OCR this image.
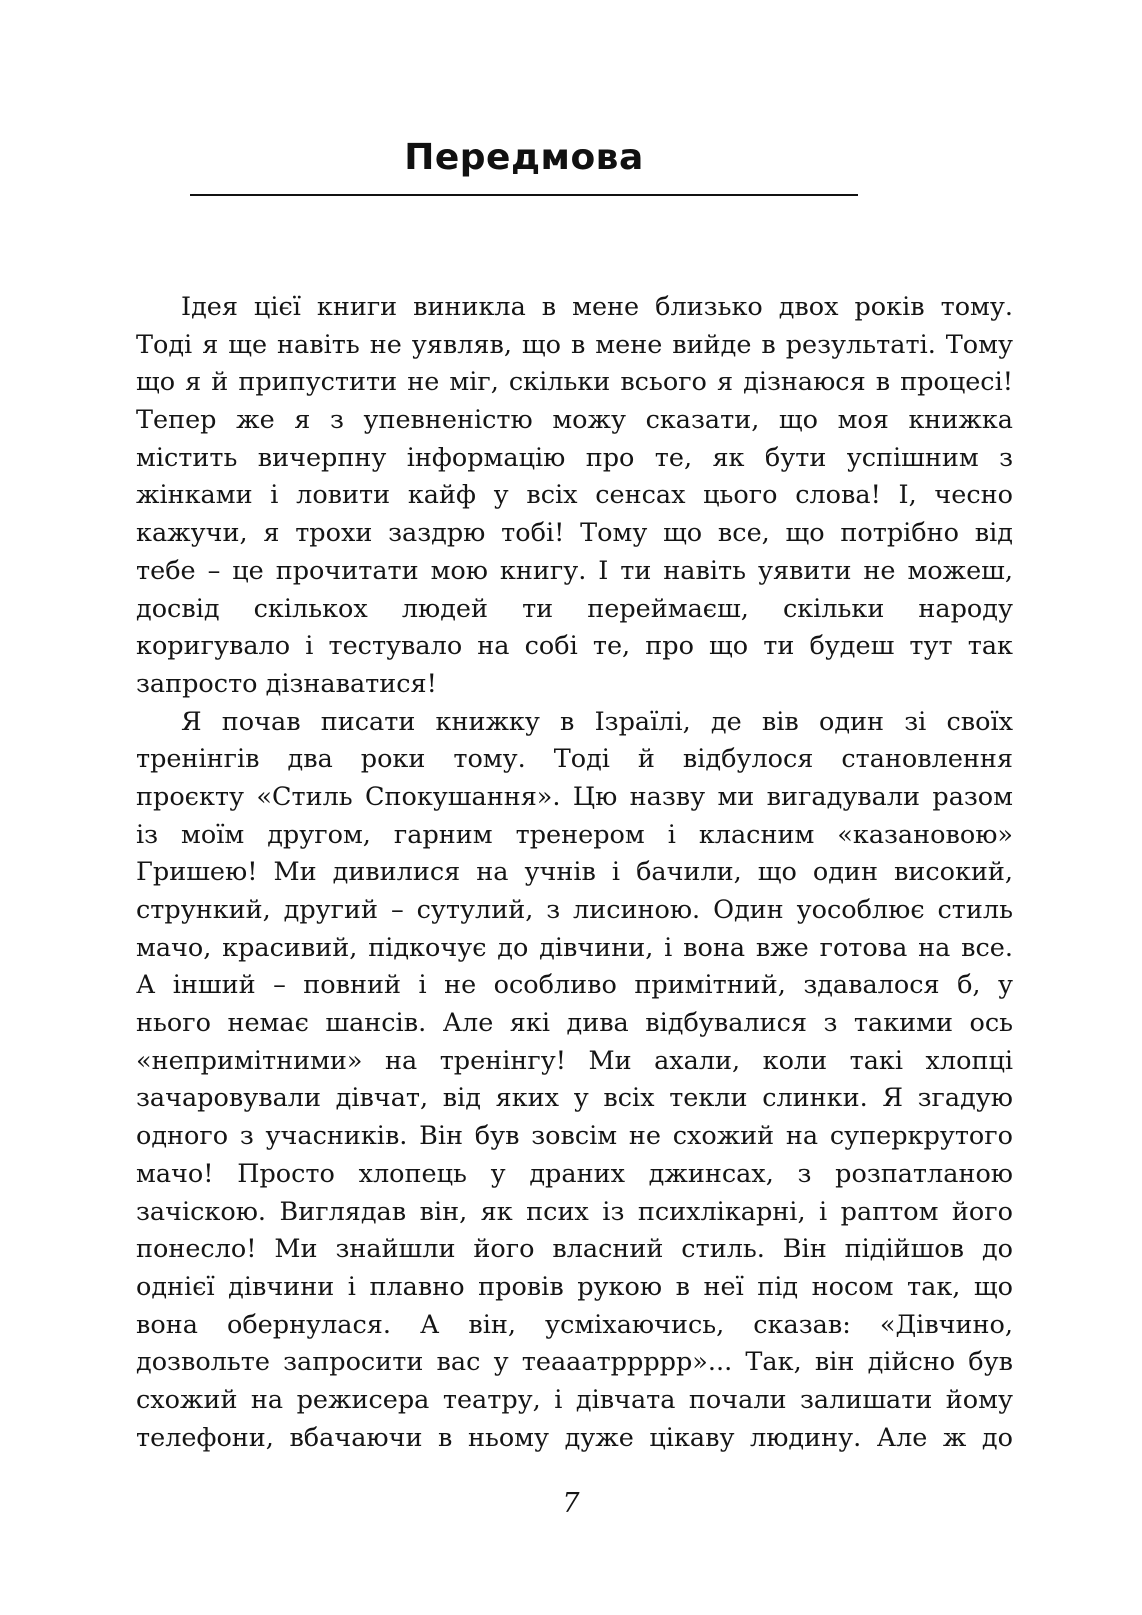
Передмова

Ідея цієї книги виникла в мене близько двох років тому.
Тоді я ще навіть не уявляв, що в мене вийде в результаті. Тому
що я й припустити не міг, скільки всього я дізнаюся в процесі!
Тепер же я з упевненістю можу сказати, що моя книжка
містить вичерпну інформацію про те, як бути успішним з
жінками і ловити кайф у всіх сенсах цього слова! І, чесно
кажучи, я трохи заздрю тобі! Тому що все, що потрібно від
тебе – це прочитати мою книгу. І ти навіть уявити не можеш,
досвід скількох людей ти переймаєш, скільки народу
коригувало і тестувало на собі те, про що ти будеш тут так
запросто дізнаватися!

Я почав писати книжку в Ізраїлі, де вів один зі своїх
тренінгів два роки тому. Тоді й відбулося становлення
проєкту «Стиль Спокушання». Цю назву ми вигадували разом
із моїм другом, гарним тренером і класним «казановою»
Гришею! Ми дивилися на учнів і бачили, що один високий,
стрункий, другий – сутулий, з лисиною. Один уособлює стиль
мачо, красивий, підкочує до дівчини, і вона вже готова на все.
А інший – повний і не особливо примітний, здавалося б, у
нього немає шансів. Але які дива відбувалися з такими ось
«непримітними» на тренінгу! Ми ахали, коли такі хлопці
зачаровували дівчат, від яких у всіх текли слинки. Я згадую
одного з учасників. Він був зовсім не схожий на суперкрутого
мачо! Просто хлопець у драних джинсах, з розпатланою
зачіскою. Виглядав він, як псих із психлікарні, і раптом його
понесло! Ми знайшли його власний стиль. Він підійшов до
однієї дівчини і плавно провів рукою в неї під носом так, що
вона обернулася. А він, усміхаючись, сказав: «Дівчино,
дозвольте запросити вас у теааатррррр»... Так, він дійсно був
схожий на режисера театру, і дівчата почали залишати йому
телефони, вбачаючи в ньому дуже цікаву людину. Але ж до

7
